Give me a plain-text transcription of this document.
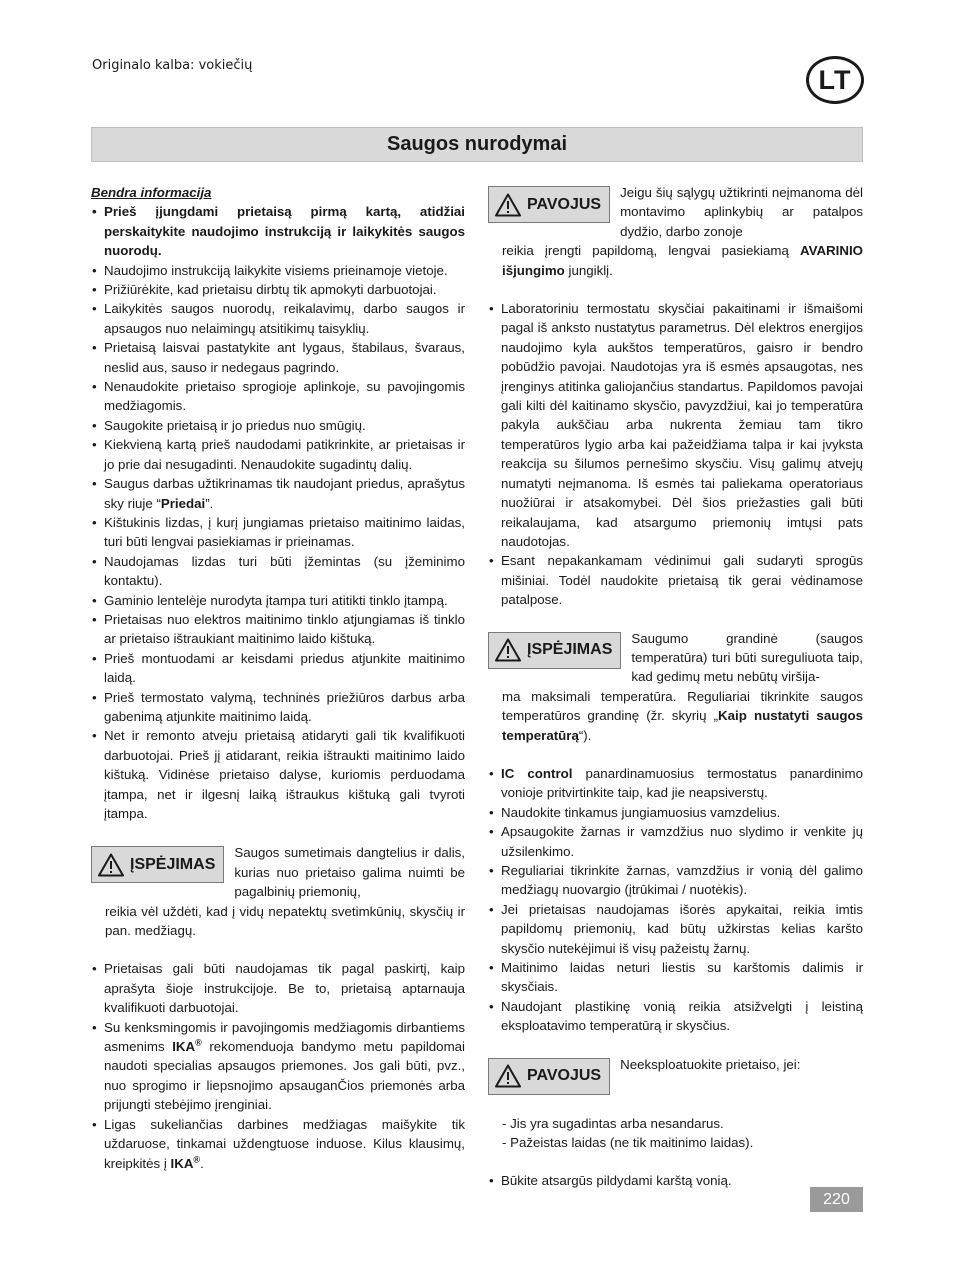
Originalo kalba: vokiečių	LT
Saugos nurodymai
Bendra informacija
• Prieš įjungdami prietaisą pirmą kartą, atidžiai perskaitykite naudojimo instrukciją ir laikykitės saugos nuorodų.
• Naudojimo instrukciją laikykite visiems prieinamoje vietoje.
• Prižiūrėkite, kad prietaisu dirbtų tik apmokyti darbuotojai.
• Laikykitės saugos nuorodų, reikalavimų, darbo saugos ir apsaugos nuo nelaimingų atsitikimų taisyklių.
• Prietaisą laisvai pastatykite ant lygaus, štabilaus, švaraus, neslid aus, sauso ir nedegaus pagrindo.
• Nenaudokite prietaiso sprogioje aplinkoje, su pavojingomis medžiagomis.
• Saugokite prietaisą ir jo priedus nuo smūgių.
• Kiekvieną kartą prieš naudodami patikrinkite, ar prietaisas ir jo prie dai nesugadinti. Nenaudokite sugadintų dalių.
• Saugus darbas užtikrinamas tik naudojant priedus, aprašytus sky riuje “Priedai”.
• Kištukinis lizdas, į kurį jungiamas prietaiso maitinimo laidas, turi būti lengvai pasiekiamas ir prieinamas.
• Naudojamas lizdas turi būti įžemintas (su įžeminimo kontaktu).
• Gaminio lentelėje nurodyta įtampa turi atitikti tinklo įtampą.
• Prietaisas nuo elektros maitinimo tinklo atjungiamas iš tinklo ar prietaiso ištraukiant maitinimo laido kištuką.
• Prieš montuodami ar keisdami priedus atjunkite maitinimo laidą.
• Prieš termostato valymą, techninės priežiūros darbus arba gabenimą atjunkite maitinimo laidą.
• Net ir remonto atveju prietaisą atidaryti gali tik kvalifikuoti darbuotojai. Prieš jį atidarant, reikia ištraukti maitinimo laido kištuką. Vidinėse prietaiso dalyse, kuriomis perduodama įtampa, net ir ilgesnį laiką ištraukus kištuką gali tvyroti įtampa.
ĮSPĖJIMAS
Saugos sumetimais dangtelius ir dalis, kurias nuo prietaiso galima nuimti be pagalbinių priemonių,
reikia vėl uždėti, kad į vidų nepatektų svetimkūnių, skysčių ir pan. medžiagų.
• Prietaisas gali būti naudojamas tik pagal paskirtį, kaip aprašyta šioje instrukcijoje. Be to, prietaisą aptarnauja kvalifikuoti darbuotojai.
• Su kenksmingomis ir pavojingomis medžiagomis dirbantiems asmenims IKA® rekomenduoja bandymo metu papildomai naudoti specialias apsaugos priemones. Jos gali būti, pvz., nuo sprogimo ir liepsnojimo apsauganČios priemonės arba prijungti stebėjimo įrenginiai.
• Ligas sukeliančias darbines medžiagas maišykite tik uždaruose, tinkamai uždengtuose induose. Kilus klausimų, kreipkitės į IKA®.
PAVOJUS
Jeigu šių sąlygų užtikrinti neįmanoma dėl montavimo aplinkybių ar patalpos dydžio, darbo zonoje
reikia įrengti papildomą, lengvai pasiekiamą AVARINIO išjungimo jungiklį.
• Laboratoriniu termostatu skysčiai pakaitinami ir išmaišomi pagal iš anksto nustatytus parametrus. Dėl elektros energijos naudojimo kyla aukštos temperatūros, gaisro ir bendro pobūdžio pavojai. Naudotojas yra iš esmės apsaugotas, nes įrenginys atitinka galiojančius standartus. Papildomos pavojai gali kilti dėl kaitinamo skysčio, pavyzdžiui, kai jo temperatūra pakyla aukščiau arba nukrenta žemiau tam tikro temperatūros lygio arba kai pažeidžiama talpa ir kai įvyksta reakcija su šilumos pernešimo skysčiu. Visų galimų atvejų numatyti neįmanoma. Iš esmės tai paliekama operatoriaus nuožiūrai ir atsakomybei. Dėl šios priežasties gali būti reikalaujama, kad atsargumo priemonių imtųsi pats naudotojas.
• Esant nepakankamam vėdinimui gali sudaryti sprogūs mišiniai. Todėl naudokite prietaisą tik gerai vėdinamose patalpose.
ĮSPĖJIMAS
Saugumo grandinė (saugos temperatūra) turi būti sureguliuota taip, kad gedimų metu nebūtų viršija-
ma maksimali temperatūra. Reguliariai tikrinkite saugos temperatūros grandinę (žr. skyrių „Kaip nustatyti saugos temperatūrą“).
• IC control panardinamuosius termostatus panardinimo vonioje pritvirtinkite taip, kad jie neapsiverstų.
• Naudokite tinkamus jungiamuosius vamzdelius.
• Apsaugokite žarnas ir vamzdžius nuo slydimo ir venkite jų užsilenkimo.
• Reguliariai tikrinkite žarnas, vamzdžius ir vonią dėl galimo medžiagų nuovargio (įtrūkimai / nuotėkis).
• Jei prietaisas naudojamas išorės apykaitai, reikia imtis papildomų priemonių, kad būtų užkirstas kelias karšto skysčio nutekėjimui iš visų pažeistų žarnų.
• Maitinimo laidas neturi liestis su karštomis dalimis ir skysčiais.
• Naudojant plastikinę vonią reikia atsižvelgti į leistiną eksploatavimo temperatūrą ir skysčius.
PAVOJUS
Neeksploatuokite prietaiso, jei:
- Jis yra sugadintas arba nesandarus.
- Pažeistas laidas (ne tik maitinimo laidas).
• Būkite atsargūs pildydami karštą vonią.
220
